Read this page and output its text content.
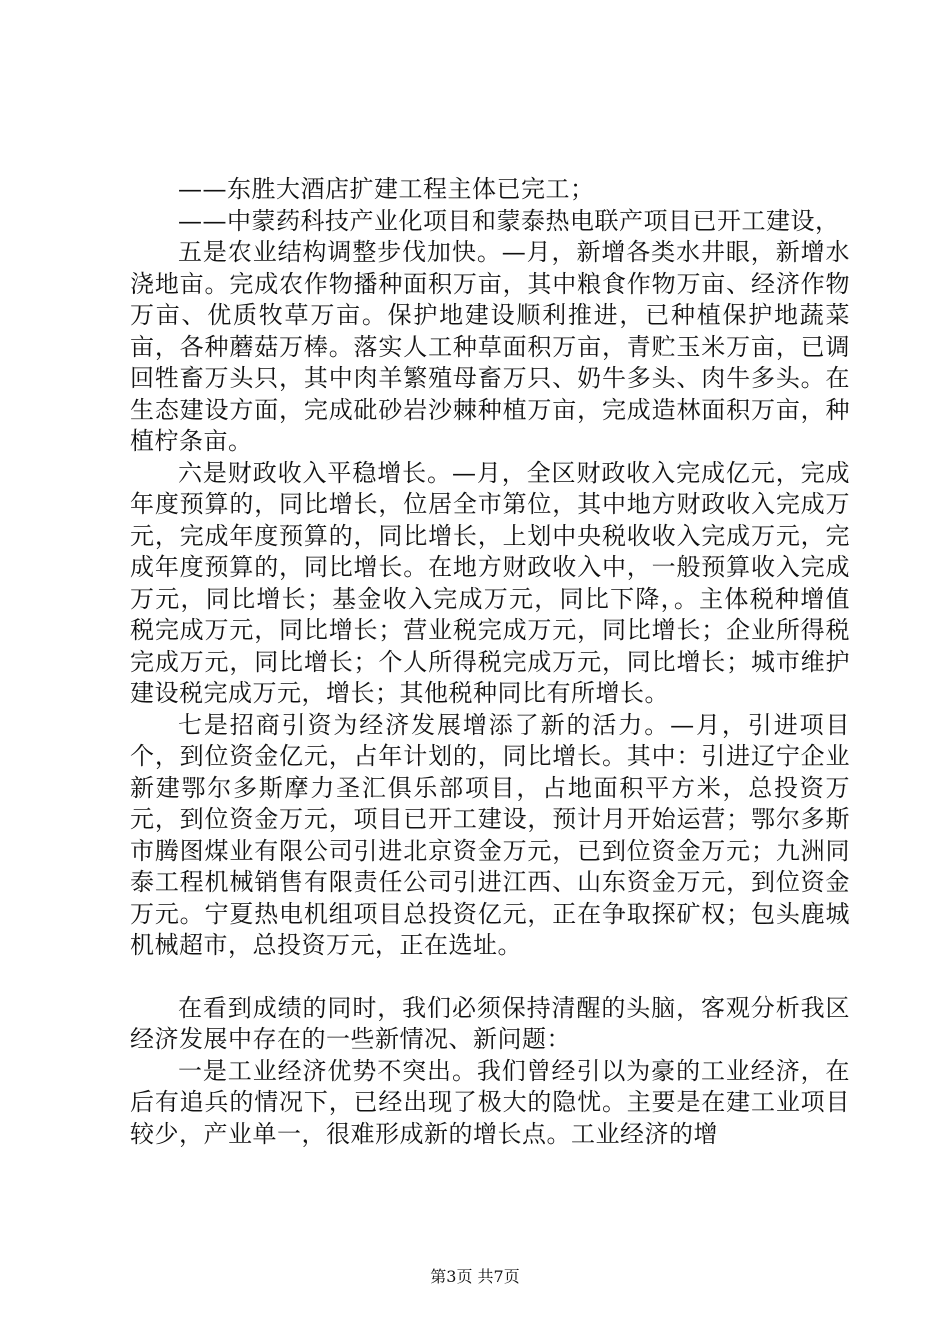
——东胜大酒店扩建工程主体已完工；

——中蒙药科技产业化项目和蒙泰热电联产项目已开工建设，

五是农业结构调整步伐加快。—月，新增各类水井眼，新增水浇地亩。完成农作物播种面积万亩，其中粮食作物万亩、经济作物万亩、优质牧草万亩。保护地建设顺利推进，已种植保护地蔬菜亩，各种蘑菇万棒。落实人工种草面积万亩，青贮玉米万亩，已调回牲畜万头只，其中肉羊繁殖母畜万只、奶牛多头、肉牛多头。在生态建设方面，完成砒砂岩沙棘种植万亩，完成造林面积万亩，种植柠条亩。

六是财政收入平稳增长。—月，全区财政收入完成亿元，完成年度预算的，同比增长，位居全市第位，其中地方财政收入完成万元，完成年度预算的，同比增长，上划中央税收收入完成万元，完成年度预算的，同比增长。在地方财政收入中，一般预算收入完成万元，同比增长；基金收入完成万元，同比下降，。主体税种增值税完成万元，同比增长；营业税完成万元，同比增长；企业所得税完成万元，同比增长；个人所得税完成万元，同比增长；城市维护建设税完成万元，增长；其他税种同比有所增长。

七是招商引资为经济发展增添了新的活力。—月，引进项目个，到位资金亿元，占年计划的，同比增长。其中：引进辽宁企业新建鄂尔多斯摩力圣汇俱乐部项目，占地面积平方米，总投资万元，到位资金万元，项目已开工建设，预计月开始运营；鄂尔多斯市腾图煤业有限公司引进北京资金万元，已到位资金万元；九洲同泰工程机械销售有限责任公司引进江西、山东资金万元，到位资金万元。宁夏热电机组项目总投资亿元，正在争取探矿权；包头鹿城机械超市，总投资万元，正在选址。

在看到成绩的同时，我们必须保持清醒的头脑，客观分析我区经济发展中存在的一些新情况、新问题：

一是工业经济优势不突出。我们曾经引以为豪的工业经济，在后有追兵的情况下，已经出现了极大的隐忧。主要是在建工业项目较少，产业单一，很难形成新的增长点。工业经济的增

第3页 共7页
